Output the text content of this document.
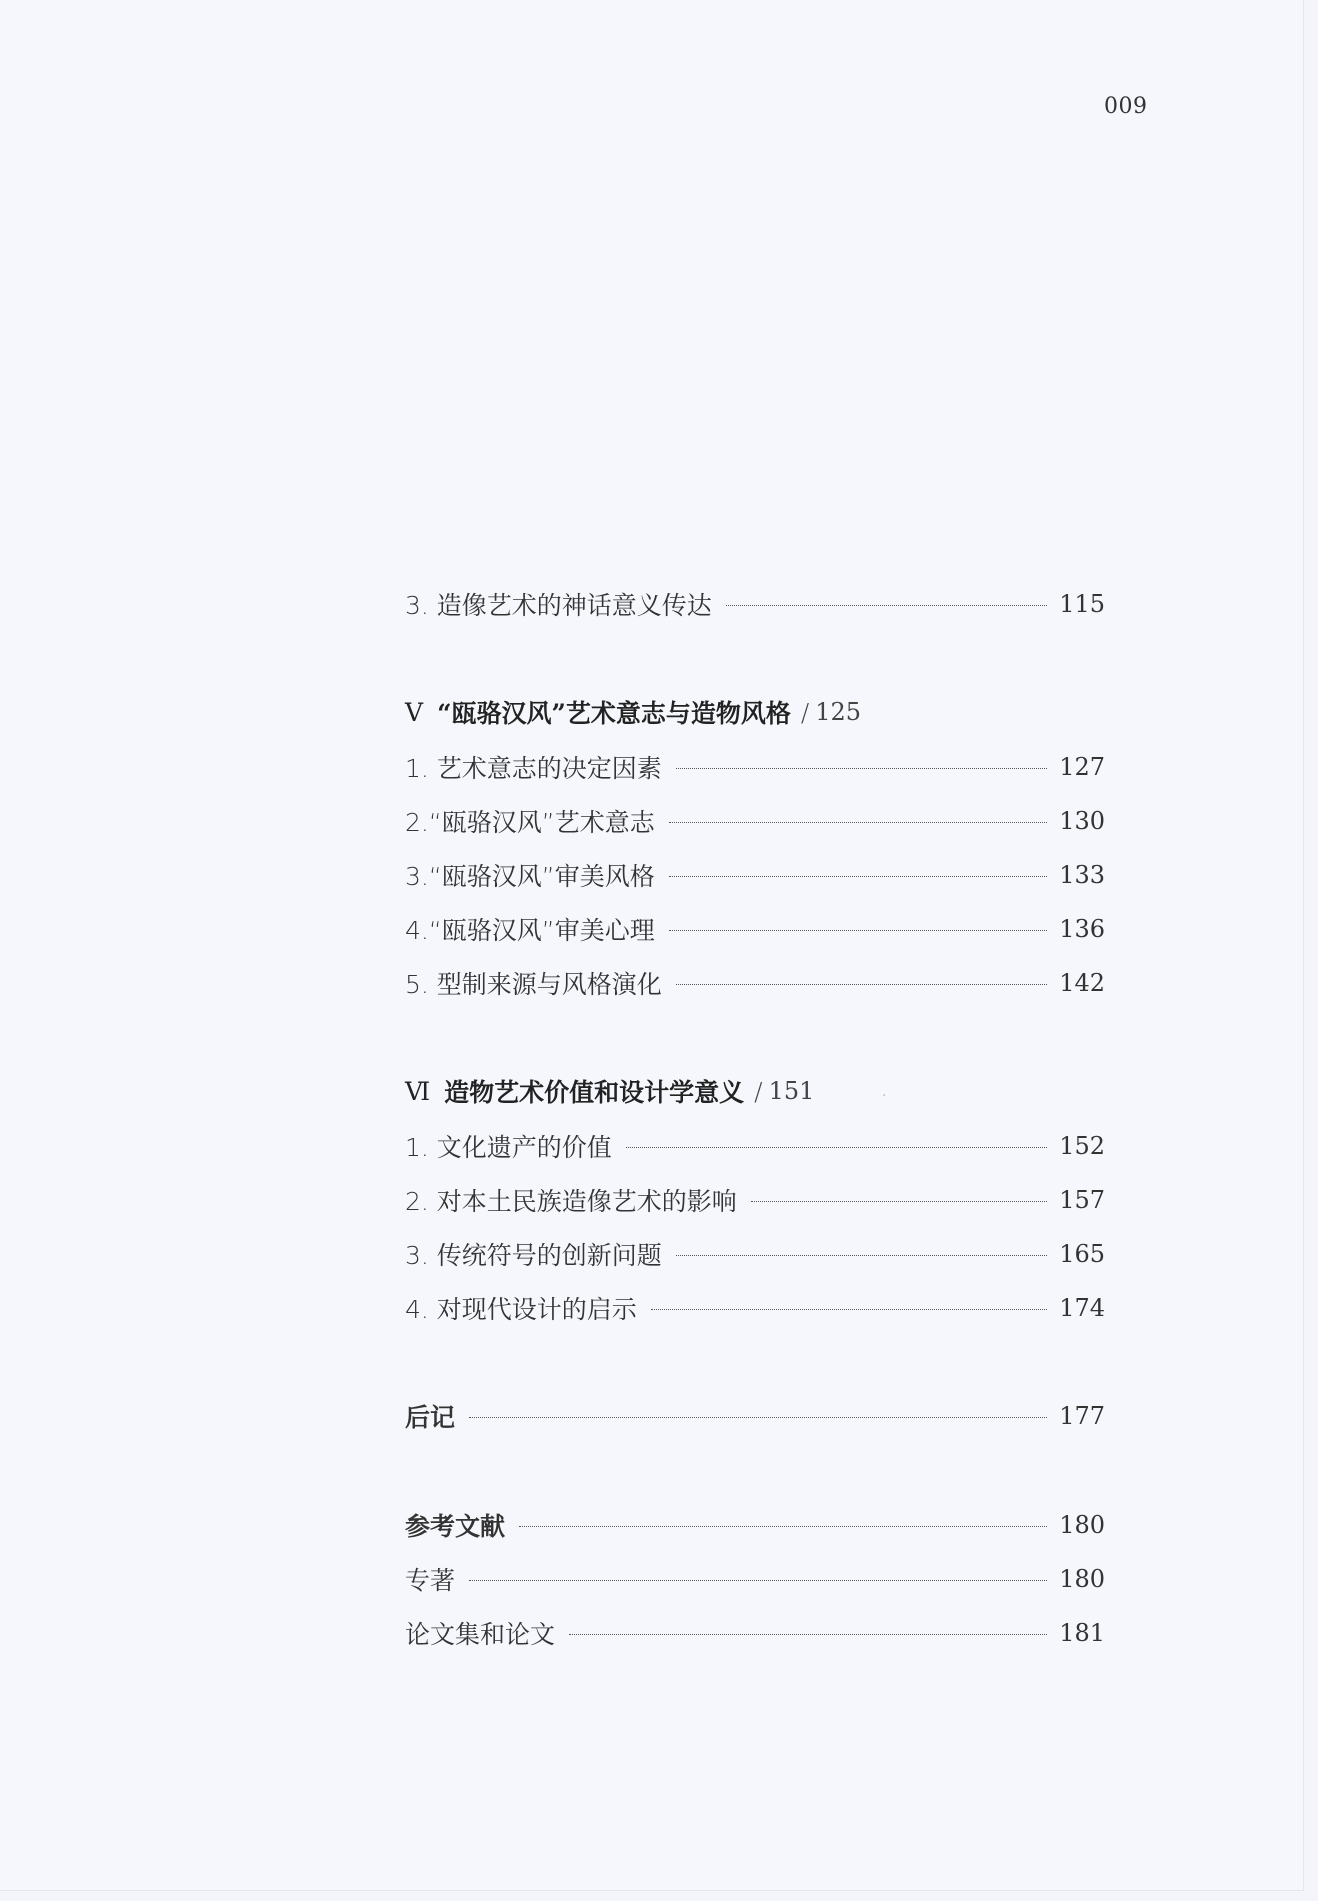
009
3. 造像艺术的神话意义传达	115
Ⅴ “瓯骆汉风”艺术意志与造物风格 / 125
1. 艺术意志的决定因素	127
2.“瓯骆汉风”艺术意志	130
3.“瓯骆汉风”审美风格	133
4.“瓯骆汉风”审美心理	136
5. 型制来源与风格演化	142
Ⅵ 造物艺术价值和设计学意义 / 151	·
1. 文化遗产的价值	152
2. 对本土民族造像艺术的影响	157
3. 传统符号的创新问题	165
4. 对现代设计的启示	174
后记	177
参考文献	180
专著	180
论文集和论文	181
